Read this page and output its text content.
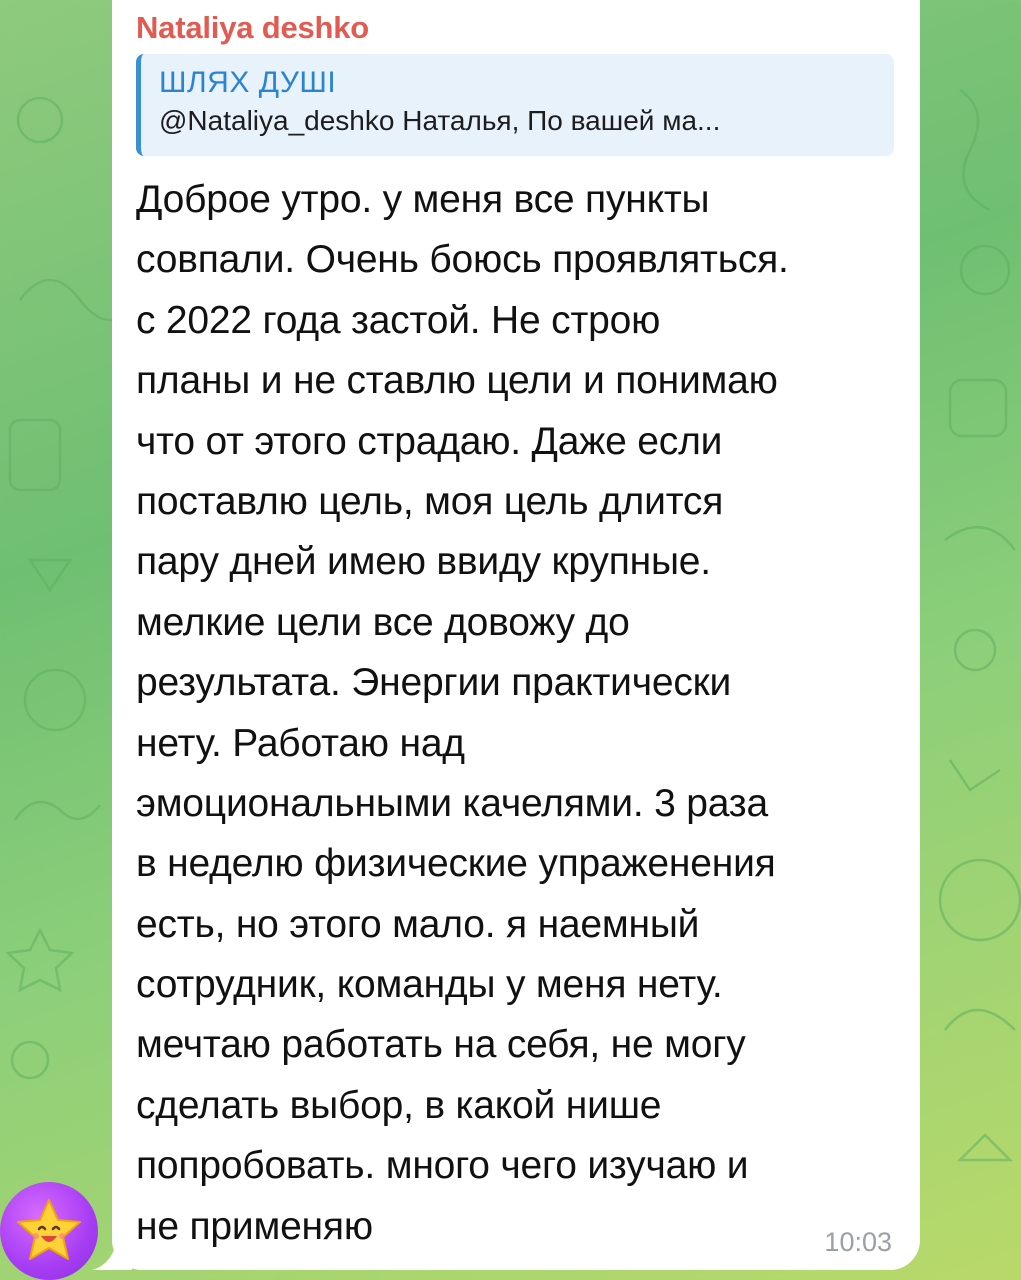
Nataliya deshko
ШЛЯХ ДУШІ
@Nataliya_deshko Наталья, По вашей ма...
Доброе утро. у меня все пункты
совпали. Очень боюсь проявляться.
с 2022 года застой. Не строю
планы и не ставлю цели и понимаю
что от этого страдаю. Даже если
поставлю цель, моя цель длится
пару дней имею ввиду крупные.
мелкие цели все довожу до
результата. Энергии практически
нету. Работаю над
эмоциональными качелями. 3 раза
в неделю физические упраженения
есть, но этого мало. я наемный
сотрудник, команды у меня нету.
мечтаю работать на себя, не могу
сделать выбор, в какой нише
попробовать. много чего изучаю и
не применяю	10:03
